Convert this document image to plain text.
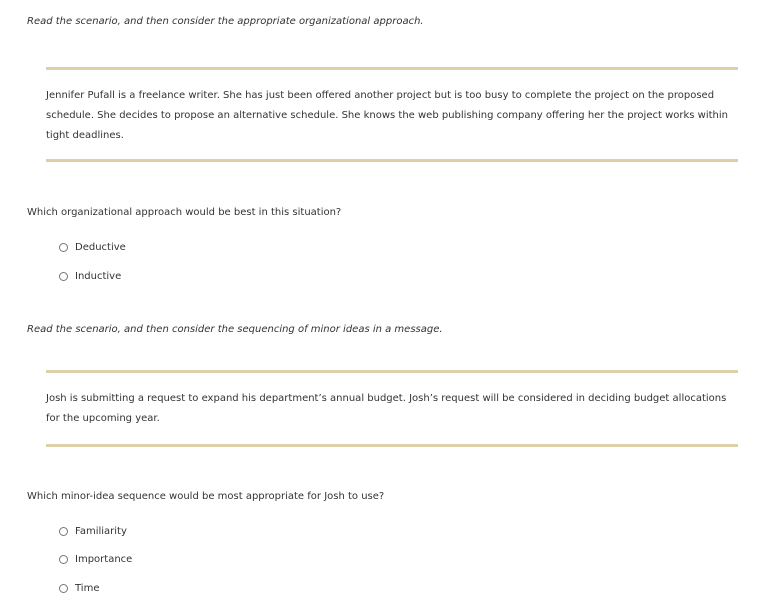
Read the scenario, and then consider the appropriate organizational approach.

Jennifer Pufall is a freelance writer. She has just been offered another project but is too busy to complete the project on the proposed

schedule. She decides to propose an alternative schedule. She knows the web publishing company offering her the project works within

tight deadlines.

Which organizational approach would be best in this situation?
Deductive
Inductive
Read the scenario, and then consider the sequencing of minor ideas in a message.

Josh is submitting a request to expand his department’s annual budget. Josh’s request will be considered in deciding budget allocations

for the upcoming year.

Which minor-idea sequence would be most appropriate for Josh to use?
Familiarity
Importance
Time
